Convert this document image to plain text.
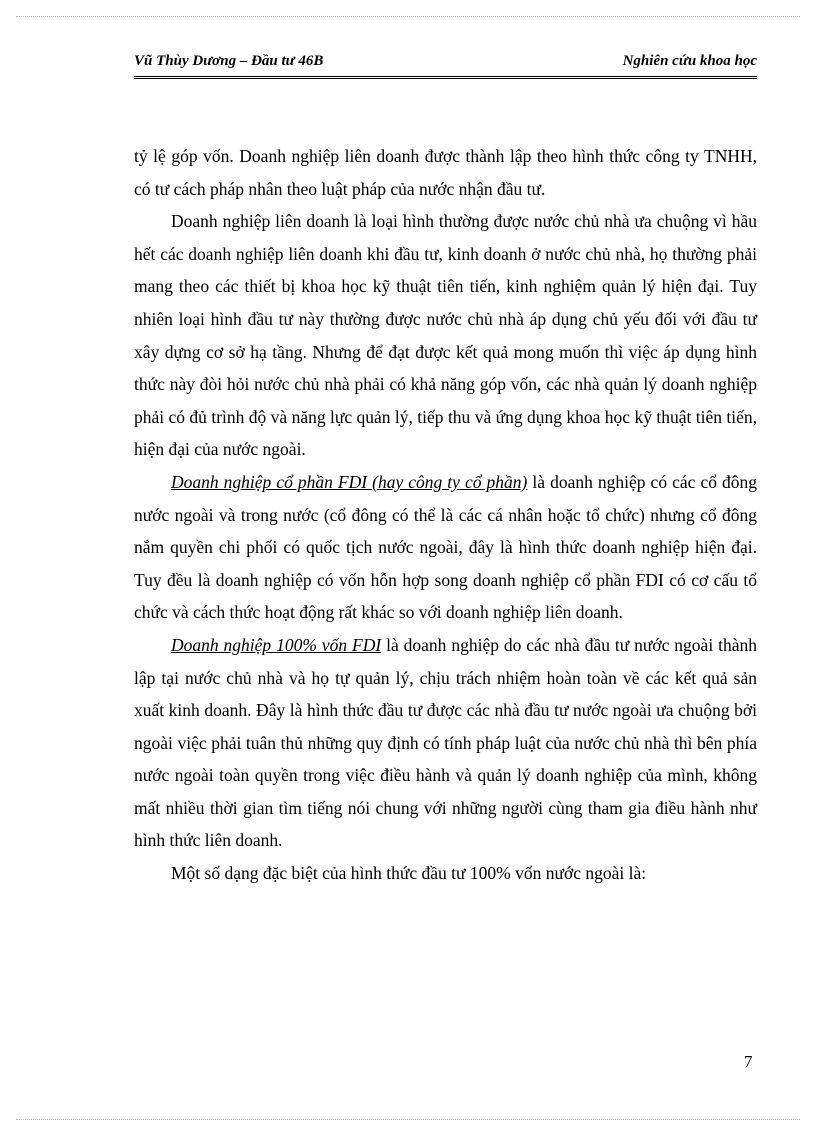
Vũ Thùy Dương – Đầu tư 46B	Nghiên cứu khoa học

tỷ lệ góp vốn. Doanh nghiệp liên doanh được thành lập theo hình thức công ty TNHH, có tư cách pháp nhân theo luật pháp của nước nhận đầu tư.

Doanh nghiệp liên doanh là loại hình thường được nước chủ nhà ưa chuộng vì hầu hết các doanh nghiệp liên doanh khi đầu tư, kinh doanh ở nước chủ nhà, họ thường phải mang theo các thiết bị khoa học kỹ thuật tiên tiến, kinh nghiệm quản lý hiện đại. Tuy nhiên loại hình đầu tư này thường được nước chủ nhà áp dụng chủ yếu đối với đầu tư xây dựng cơ sở hạ tầng. Nhưng để đạt được kết quả mong muốn thì việc áp dụng hình thức này đòi hỏi nước chủ nhà phải có khả năng góp vốn, các nhà quản lý doanh nghiệp phải có đủ trình độ và năng lực quản lý, tiếp thu và ứng dụng khoa học kỹ thuật tiên tiến, hiện đại của nước ngoài.

Doanh nghiệp cổ phần FDI (hay công ty cổ phần) là doanh nghiệp có các cổ đông nước ngoài và trong nước (cổ đông có thể là các cá nhân hoặc tổ chức) nhưng cổ đông nắm quyền chi phối có quốc tịch nước ngoài, đây là hình thức doanh nghiệp hiện đại. Tuy đều là doanh nghiệp có vốn hỗn hợp song doanh nghiệp cổ phần FDI có cơ cấu tổ chức và cách thức hoạt động rất khác so với doanh nghiệp liên doanh.

Doanh nghiệp 100% vốn FDI là doanh nghiệp do các nhà đầu tư nước ngoài thành lập tại nước chủ nhà và họ tự quản lý, chịu trách nhiệm hoàn toàn về các kết quả sản xuất kinh doanh. Đây là hình thức đầu tư được các nhà đầu tư nước ngoài ưa chuộng bởi ngoài việc phải tuân thủ những quy định có tính pháp luật của nước chủ nhà thì bên phía nước ngoài toàn quyền trong việc điều hành và quản lý doanh nghiệp của mình, không mất nhiều thời gian tìm tiếng nói chung với những người cùng tham gia điều hành như hình thức liên doanh.

Một số dạng đặc biệt của hình thức đầu tư 100% vốn nước ngoài là:

7
